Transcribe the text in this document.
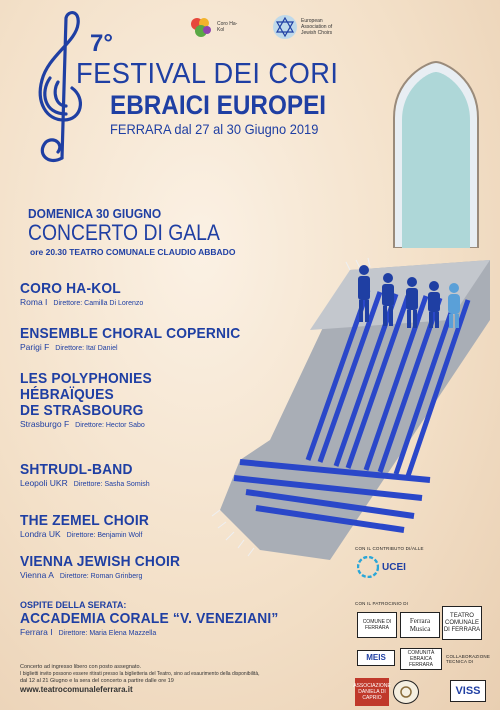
Coro Ha-Kol
European Association of Jewish Choirs
7°
FESTIVAL DEI CORI
EBRAICI EUROPEI
FERRARA dal 27 al 30 Giugno 2019
DOMENICA 30 GIUGNO
CONCERTO DI GALA
ore 20.30 TEATRO COMUNALE CLAUDIO ABBADO
CORO HA-KOL
Roma I Direttore: Camilla Di Lorenzo
ENSEMBLE CHORAL COPERNIC
Parigi F Direttore: Itaï Daniel
LES POLYPHONIES
HÉBRAÏQUES
DE STRASBOURG
Strasburgo F Direttore: Hector Sabo
SHTRUDL-BAND
Leopoli UKR Direttore: Sasha Somish
THE ZEMEL CHOIR
Londra UK Direttore: Benjamin Wolf
VIENNA JEWISH CHOIR
Vienna A Direttore: Roman Grinberg
OSPITE DELLA SERATA:
ACCADEMIA CORALE “V. VENEZIANI”
Ferrara I Direttore: Maria Elena Mazzella
Concerto ad ingresso libero con posto assegnato.
I biglietti invito possono essere ritirati presso la biglietteria del Teatro, sino ad esaurimento della disponibilità,
dal 12 al 21 Giugno e la sera del concerto a partire dalle ore 19
www.teatrocomunaleferrara.it
CON IL CONTRIBUTO DI/ALLE
UCEI
CON IL PATROCINIO DI
COMUNE DI FERRARA
Ferrara Musica
TEATRO COMUNALE DI FERRARA
MEIS	COMUNITÀ EBRAICA FERRARA
COLLABORAZIONE TECNICA DI
ASSOCIAZIONE DANIELA DI CAPRIO
VISS
